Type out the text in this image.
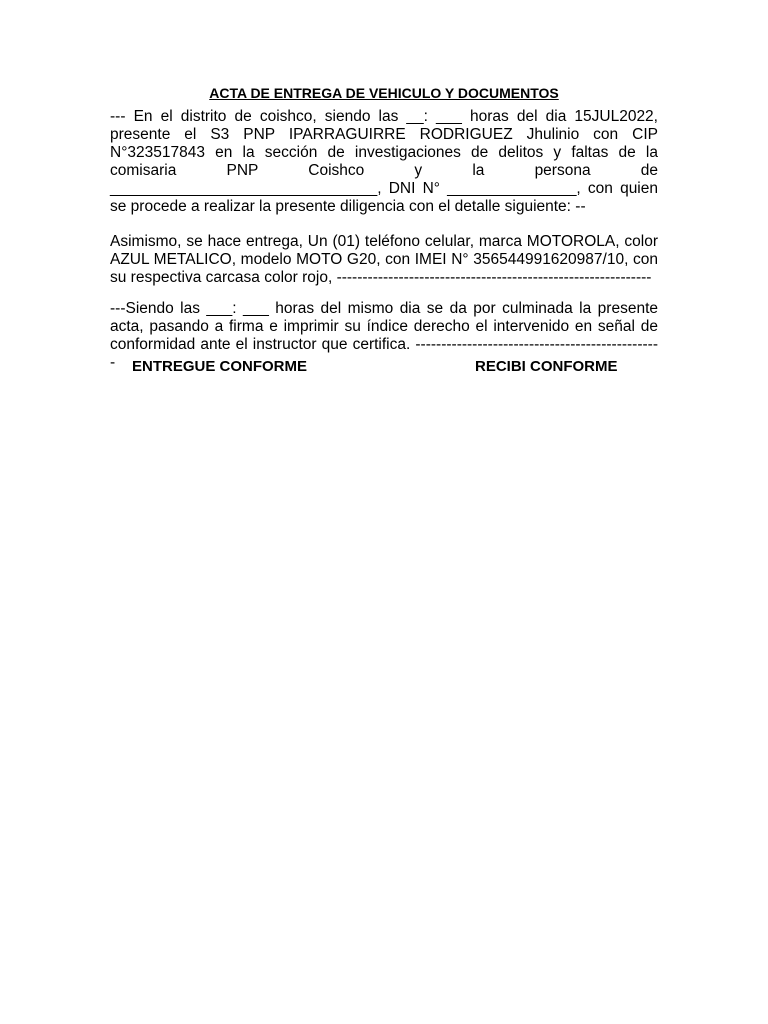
ACTA DE ENTREGA DE VEHICULO Y DOCUMENTOS

--- En el distrito de coishco, siendo las __: ___ horas del dia 15JUL2022, presente el S3 PNP IPARRAGUIRRE RODRIGUEZ Jhulinio con CIP N°323517843 en la sección de investigaciones de delitos y faltas de la comisaria PNP Coishco y la persona de _______________________________, DNI N° _______________, con quien se procede a realizar la presente diligencia con el detalle siguiente: --

Asimismo, se hace entrega, Un (01) teléfono celular, marca MOTOROLA, color AZUL METALICO, modelo MOTO G20, con IMEI N° 356544991620987/10, con su respectiva carcasa color rojo, -------------------------------------------------------------

---Siendo las ___: ___ horas del mismo dia se da por culminada la presente acta, pasando a firma e imprimir su índice derecho el intervenido en señal de conformidad ante el instructor que certifica. ------------------------------------------------	ENTREGUE CONFORME	RECIBI CONFORME
